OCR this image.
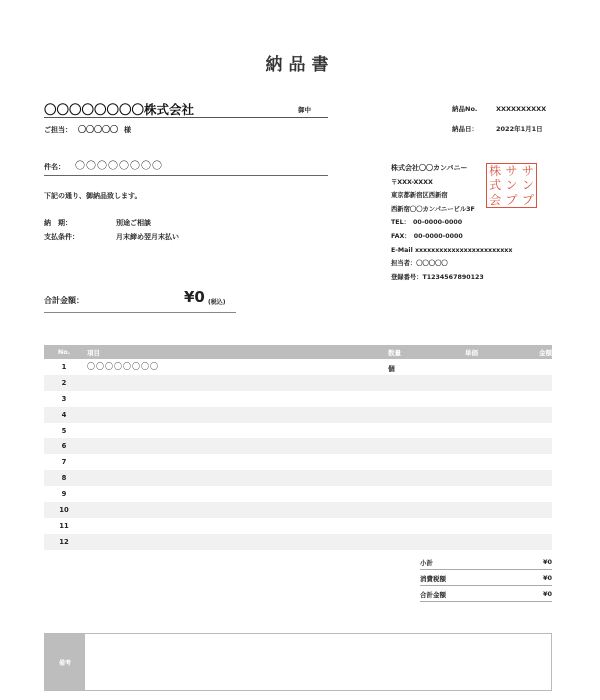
納品書
〇〇〇〇〇〇〇〇株式会社	御中
ご担当： 〇〇〇〇〇 様
納品No.	XXXXXXXXXX
納品日：	2022年1月1日
件名： 〇〇〇〇〇〇〇〇
下記の通り、御納品致します。
納　期：	別途ご相談
支払条件：	月末締め翌月末払い
合計金額：	¥0 (税込)
株式会社〇〇カンパニー
〒XXX-XXXX
東京都新宿区西新宿
西新宿〇〇カンパニービル3F
TEL：　00-0000-0000
FAX：　00-0000-0000
E-Mail xxxxxxxxxxxxxxxxxxxxxxxx
担当者：〇〇〇〇〇
登録番号：T1234567890123
株 サ サ
式 ン ン
会 プ プ
No.	項目	数量	単価	金額
1	〇〇〇〇〇〇〇〇	個
2
3
4
5
6
7
8
9
10
11
12
小計	¥0
消費税額	¥0
合計金額	¥0
備考
